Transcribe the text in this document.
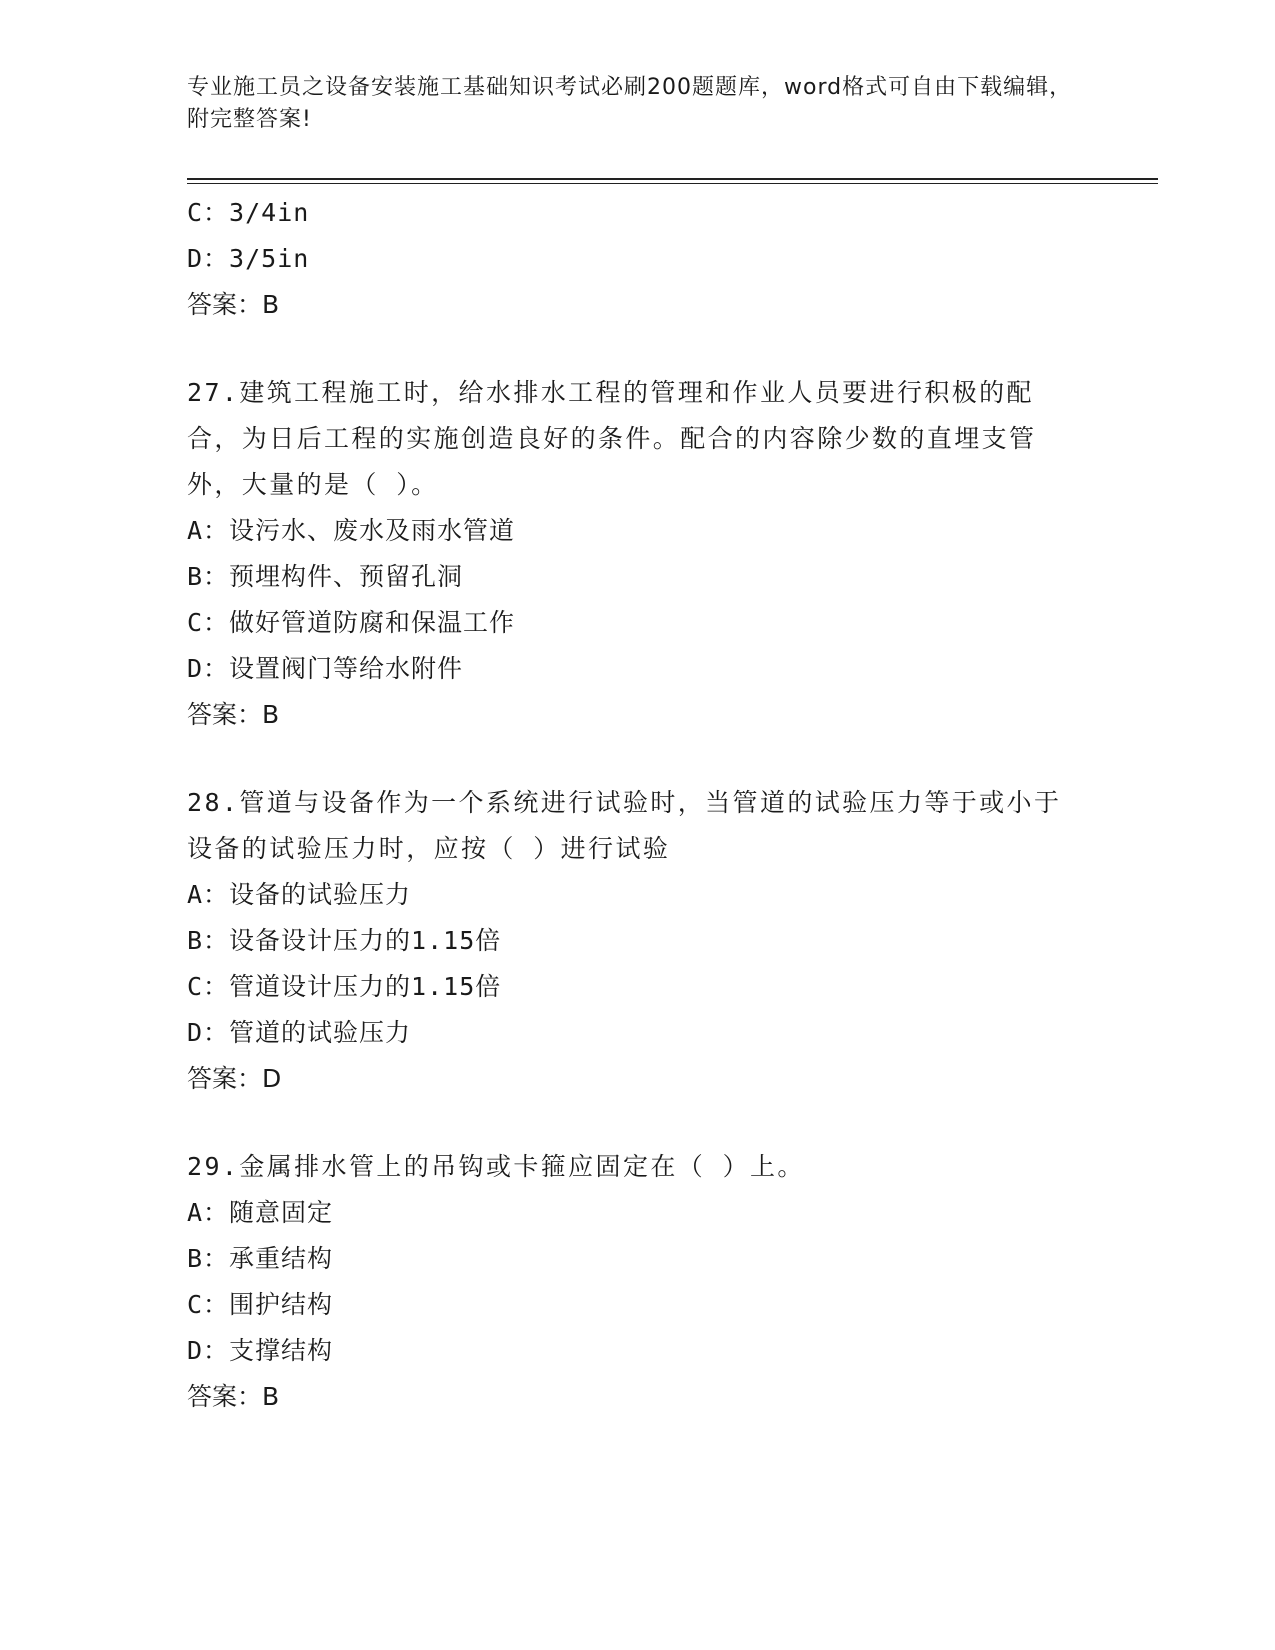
专业施工员之设备安装施工基础知识考试必刷200题题库，word格式可自由下载编辑，附完整答案!
C：3/4in
D：3/5in
答案：B
27.建筑工程施工时，给水排水工程的管理和作业人员要进行积极的配合，为日后工程的实施创造良好的条件。配合的内容除少数的直埋支管外，大量的是（ ）。
A：设污水、废水及雨水管道
B：预埋构件、预留孔洞
C：做好管道防腐和保温工作
D：设置阀门等给水附件
答案：B
28.管道与设备作为一个系统进行试验时，当管道的试验压力等于或小于设备的试验压力时，应按（ ）进行试验
A：设备的试验压力
B：设备设计压力的1.15倍
C：管道设计压力的1.15倍
D：管道的试验压力
答案：D
29.金属排水管上的吊钩或卡箍应固定在（ ）上。
A：随意固定
B：承重结构
C：围护结构
D：支撑结构
答案：B
